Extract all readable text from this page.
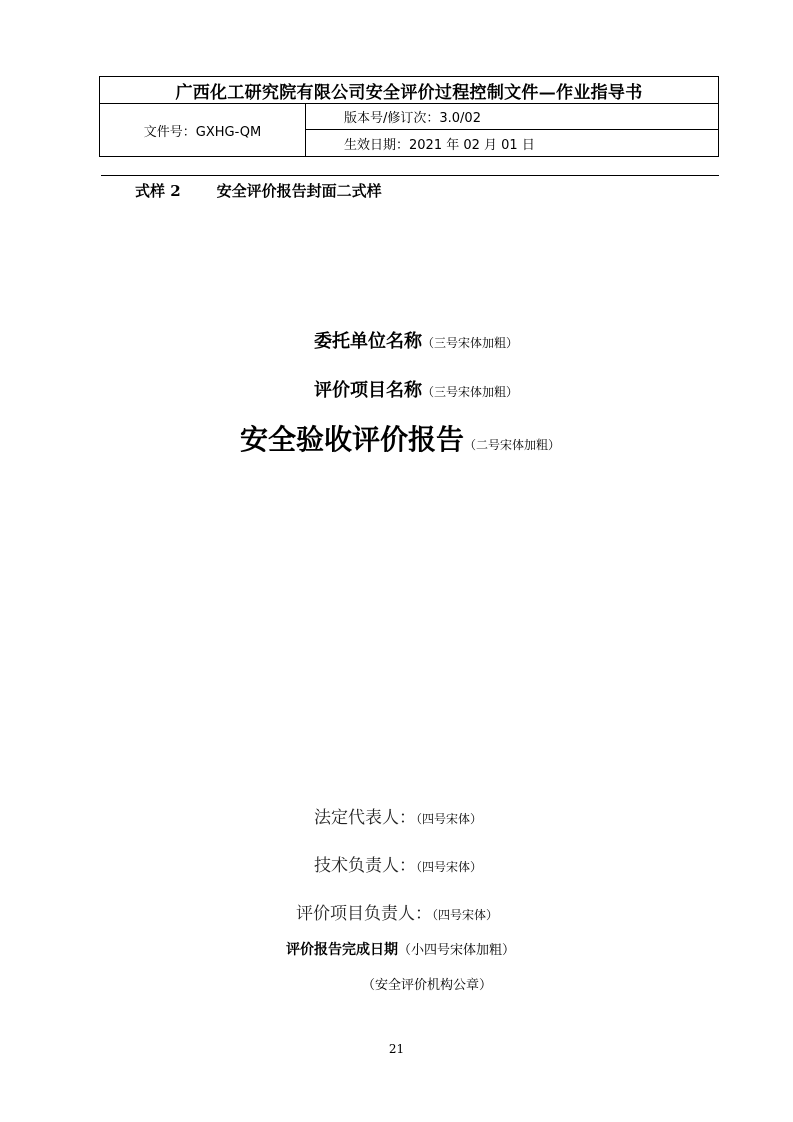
广西化工研究院有限公司安全评价过程控制文件—作业指导书
文件号：GXHG-QM
版本号/修订次：3.0/02
生效日期：2021 年 02 月 01 日
式样 2 安全评价报告封面二式样
委托单位名称（三号宋体加粗）
评价项目名称（三号宋体加粗）
安全验收评价报告（二号宋体加粗）
法定代表人：（四号宋体）
技术负责人：（四号宋体）
评价项目负责人：（四号宋体）
评价报告完成日期（小四号宋体加粗）
（安全评价机构公章）
21
